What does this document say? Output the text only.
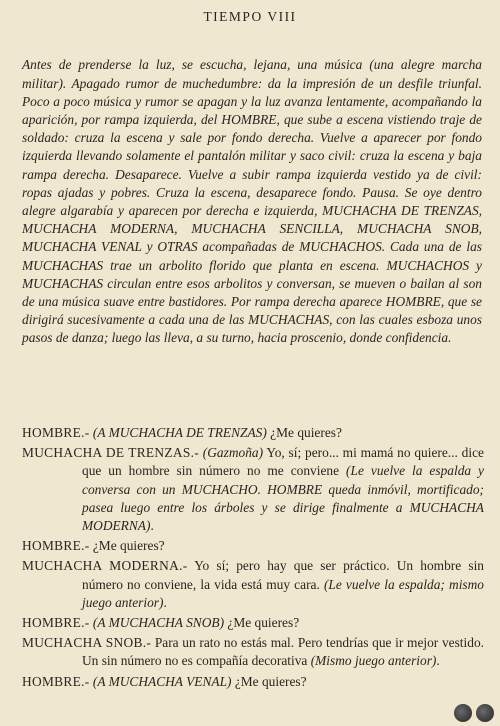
TIEMPO VIII

Antes de prenderse la luz, se escucha, lejana, una música (una alegre marcha militar). Apagado rumor de muchedumbre: da la impresión de un desfile triunfal. Poco a poco música y rumor se apagan y la luz avanza lentamente, acompañando la aparición, por rampa izquierda, del HOMBRE, que sube a escena vistiendo traje de soldado: cruza la escena y sale por fondo derecha. Vuelve a aparecer por fondo izquierda llevando solamente el pantalón militar y saco civil: cruza la escena y baja rampa derecha. Desaparece. Vuelve a subir rampa izquierda vestido ya de civil: ropas ajadas y pobres. Cruza la escena, desaparece fondo. Pausa. Se oye dentro alegre algarabía y aparecen por derecha e izquierda, MUCHACHA DE TRENZAS, MUCHACHA MODERNA, MUCHACHA SENCILLA, MUCHACHA SNOB, MUCHACHA VENAL y OTRAS acompañadas de MUCHACHOS. Cada una de las MUCHACHAS trae un arbolito florido que planta en escena. MUCHACHOS y MUCHACHAS circulan entre esos arbolitos y conversan, se mueven o bailan al son de una música suave entre bastidores. Por rampa derecha aparece HOMBRE, que se dirigirá sucesivamente a cada una de las MUCHACHAS, con las cuales esboza unos pasos de danza; luego las lleva, a su turno, hacia proscenio, donde confidencia.

HOMBRE.- (A MUCHACHA DE TRENZAS) ¿Me quieres?

MUCHACHA DE TRENZAS.- (Gazmoña) Yo, sí; pero... mi mamá no quiere... dice que un hombre sin número no me conviene (Le vuelve la espalda y conversa con un MUCHACHO. HOMBRE queda inmóvil, mortificado; pasea luego entre los árboles y se dirige finalmente a MUCHACHA MODERNA).

HOMBRE.- ¿Me quieres?

MUCHACHA MODERNA.- Yo sí; pero hay que ser práctico. Un hombre sin número no conviene, la vida está muy cara. (Le vuelve la espalda; mismo juego anterior).

HOMBRE.- (A MUCHACHA SNOB) ¿Me quieres?

MUCHACHA SNOB.- Para un rato no estás mal. Pero tendrías que ir mejor vestido. Un sin número no es compañía decorativa (Mismo juego anterior).

HOMBRE.- (A MUCHACHA VENAL) ¿Me quieres?
